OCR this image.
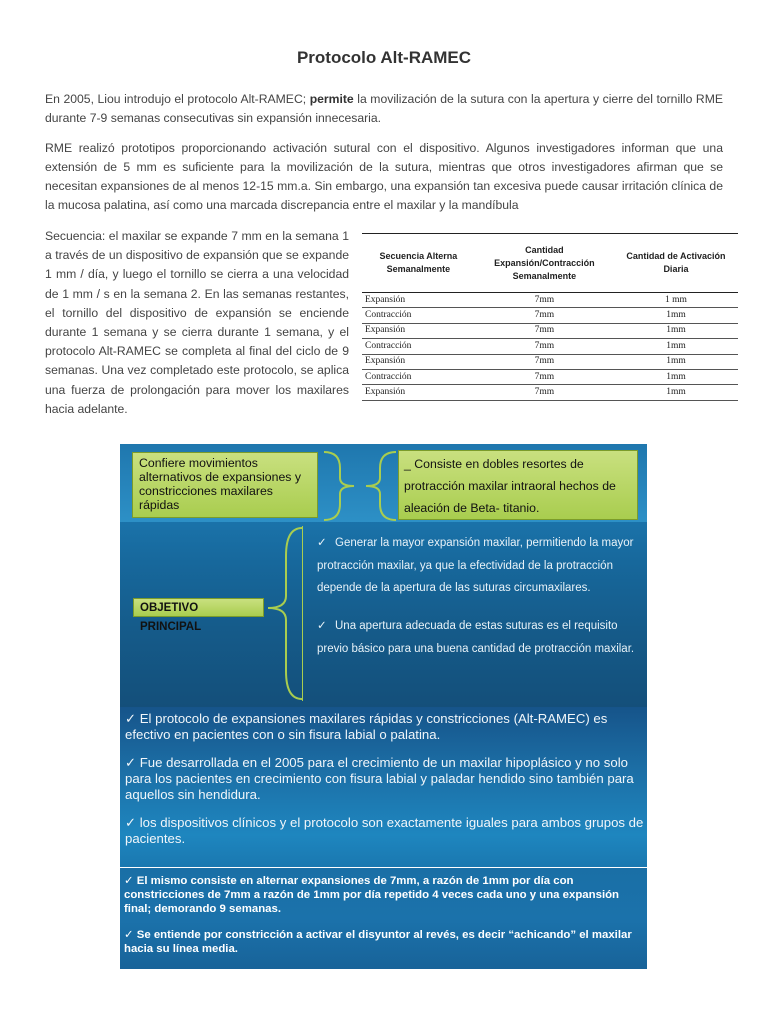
Protocolo Alt-RAMEC

En 2005, Liou introdujo el protocolo Alt-RAMEC; permite la movilización de la sutura con la apertura y cierre del tornillo RME durante 7-9 semanas consecutivas sin expansión innecesaria.

RME realizó prototipos proporcionando activación sutural con el dispositivo. Algunos investigadores informan que una extensión de 5 mm es suficiente para la movilización de la sutura, mientras que otros investigadores afirman que se necesitan expansiones de al menos 12-15 mm.a. Sin embargo, una expansión tan excesiva puede causar irritación clínica de la mucosa palatina, así como una marcada discrepancia entre el maxilar y la mandíbula

Secuencia: el maxilar se expande 7 mm en la semana 1 a través de un dispositivo de expansión que se expande 1 mm / día, y luego el tornillo se cierra a una velocidad de 1 mm / s en la semana 2. En las semanas restantes, el tornillo del dispositivo de expansión se enciende durante 1 semana y se cierra durante 1 semana, y el protocolo Alt-RAMEC se completa al final del ciclo de 9 semanas. Una vez completado este protocolo, se aplica una fuerza de prolongación para mover los maxilares hacia adelante.

Secuencia Alterna Semanalmente	Cantidad Expansión/Contracción Semanalmente	Cantidad de Activación Diaria
Expansión	7mm	1 mm
Contracción	7mm	1mm
Expansión	7mm	1mm
Contracción	7mm	1mm
Expansión	7mm	1mm
Contracción	7mm	1mm
Expansión	7mm	1mm
Confiere movimientos alternativos de expansiones y constricciones maxilares rápidas
_ Consiste en dobles resortes de protracción maxilar intraoral hechos de aleación de Beta- titanio.
OBJETIVO PRINCIPAL
✓ Generar la mayor expansión maxilar, permitiendo la mayor protracción maxilar, ya que la efectividad de la protracción depende de la apertura de las suturas circumaxilares.
✓ Una apertura adecuada de estas suturas es el requisito previo básico para una buena cantidad de protracción maxilar.
✓ El protocolo de expansiones maxilares rápidas y constricciones (Alt-RAMEC) es efectivo en pacientes con o sin fisura labial o palatina.
✓ Fue desarrollada en el 2005 para el crecimiento de un maxilar hipoplásico y no solo para los pacientes en crecimiento con fisura labial y paladar hendido sino también para aquellos sin hendidura.
✓ los dispositivos clínicos y el protocolo son exactamente iguales para ambos grupos de pacientes.
✓ El mismo consiste en alternar expansiones de 7mm, a razón de 1mm por día con constricciones de 7mm a razón de 1mm por día repetido 4 veces cada uno y una expansión final; demorando 9 semanas.
✓ Se entiende por constricción a activar el disyuntor al revés, es decir “achicando” el maxilar hacia su línea media.
